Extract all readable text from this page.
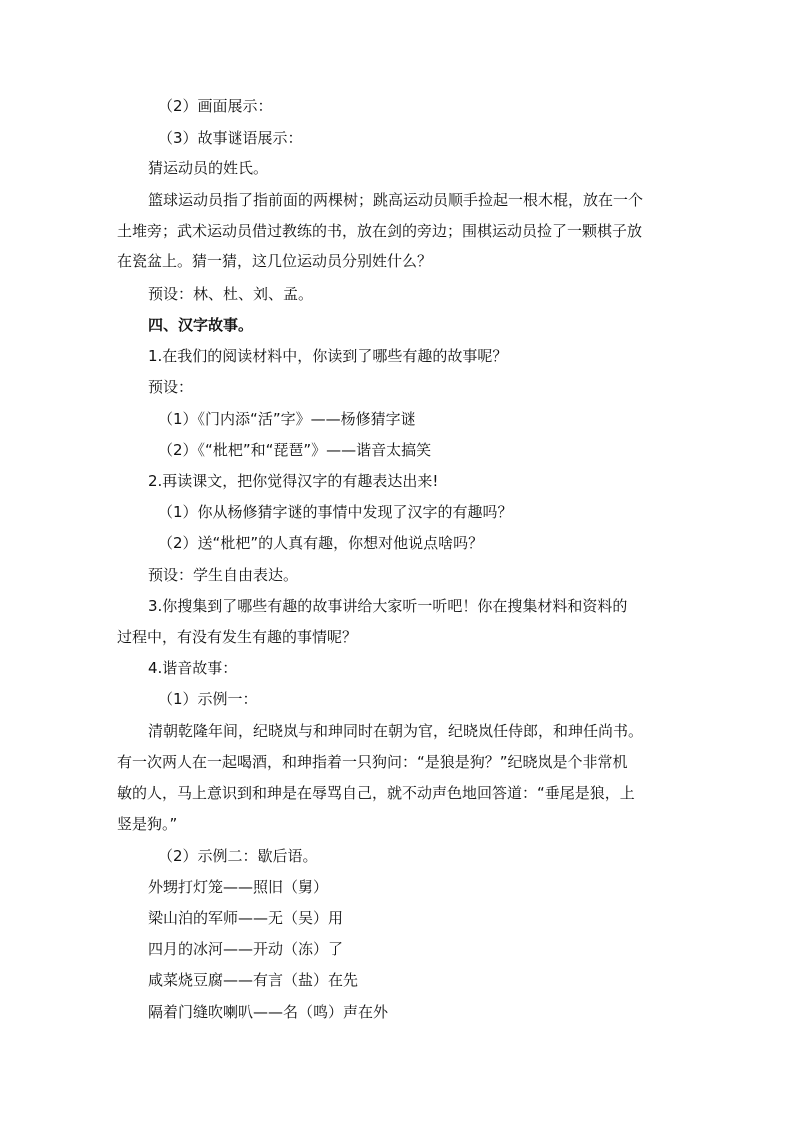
（2）画面展示：
（3）故事谜语展示：
猜运动员的姓氏。
篮球运动员指了指前面的两棵树；跳高运动员顺手捡起一根木棍，放在一个
土堆旁；武术运动员借过教练的书，放在剑的旁边；围棋运动员捡了一颗棋子放
在瓷盆上。猜一猜，这几位运动员分别姓什么？
预设：林、杜、刘、孟。
四、汉字故事。
1.在我们的阅读材料中，你读到了哪些有趣的故事呢？
预设：
（1）《门内添“活”字》——杨修猜字谜
（2）《“枇杷”和“琵琶”》——谐音太搞笑
2.再读课文，把你觉得汉字的有趣表达出来!
（1）你从杨修猜字谜的事情中发现了汉字的有趣吗？
（2）送“枇杷”的人真有趣，你想对他说点啥吗？
预设：学生自由表达。
3.你搜集到了哪些有趣的故事讲给大家听一听吧！你在搜集材料和资料的
过程中，有没有发生有趣的事情呢？
4.谐音故事：
（1）示例一：
清朝乾隆年间，纪晓岚与和珅同时在朝为官，纪晓岚任侍郎，和珅任尚书。
有一次两人在一起喝酒，和珅指着一只狗问：“是狼是狗？”纪晓岚是个非常机
敏的人，马上意识到和珅是在辱骂自己，就不动声色地回答道：“垂尾是狼，上
竖是狗。”
（2）示例二：歇后语。
外甥打灯笼——照旧（舅）
梁山泊的军师——无（吴）用
四月的冰河——开动（冻）了
咸菜烧豆腐——有言（盐）在先
隔着门缝吹喇叭——名（鸣）声在外
